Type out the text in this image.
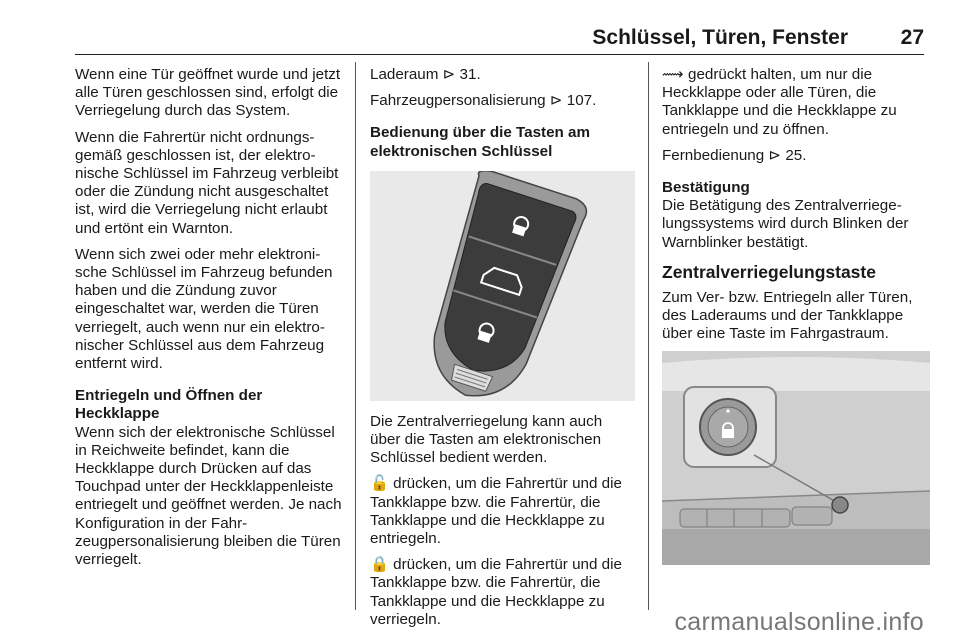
Schlüssel, Türen, Fenster	27

Wenn eine Tür geöffnet wurde und jetzt alle Türen geschlossen sind, erfolgt die Verriegelung durch das System.

Wenn die Fahrertür nicht ordnungsgemäß geschlossen ist, der elektronische Schlüssel im Fahrzeug verbleibt oder die Zündung nicht ausgeschaltet ist, wird die Verriegelung nicht erlaubt und ertönt ein Warnton.

Wenn sich zwei oder mehr elektronische Schlüssel im Fahrzeug befunden haben und die Zündung zuvor eingeschaltet war, werden die Türen verriegelt, auch wenn nur ein elektronischer Schlüssel aus dem Fahrzeug entfernt wird.

Entriegeln und Öffnen der Heckklappe

Wenn sich der elektronische Schlüssel in Reichweite befindet, kann die Heckklappe durch Drücken auf das Touchpad unter der Heckklappenleiste entriegelt und geöffnet werden. Je nach Konfiguration in der Fahrzeugpersonalisierung bleiben die Türen verriegelt.

Laderaum ⊳ 31.

Fahrzeugpersonalisierung ⊳ 107.

Bedienung über die Tasten am elektronischen Schlüssel

Die Zentralverriegelung kann auch über die Tasten am elektronischen Schlüssel bedient werden.

🔓 drücken, um die Fahrertür und die Tankklappe bzw. die Fahrertür, die Tankklappe und die Heckklappe zu entriegeln.

🔒 drücken, um die Fahrertür und die Tankklappe bzw. die Fahrertür, die Tankklappe und die Heckklappe zu verriegeln.

⟿ gedrückt halten, um nur die Heckklappe oder alle Türen, die Tankklappe und die Heckklappe zu entriegeln und zu öffnen.

Fernbedienung ⊳ 25.

Bestätigung

Die Betätigung des Zentralverriegelungssystems wird durch Blinken der Warnblinker bestätigt.

Zentralverriegelungstaste

Zum Ver- bzw. Entriegeln aller Türen, des Laderaums und der Tankklappe über eine Taste im Fahrgastraum.

carmanualsonline.info
